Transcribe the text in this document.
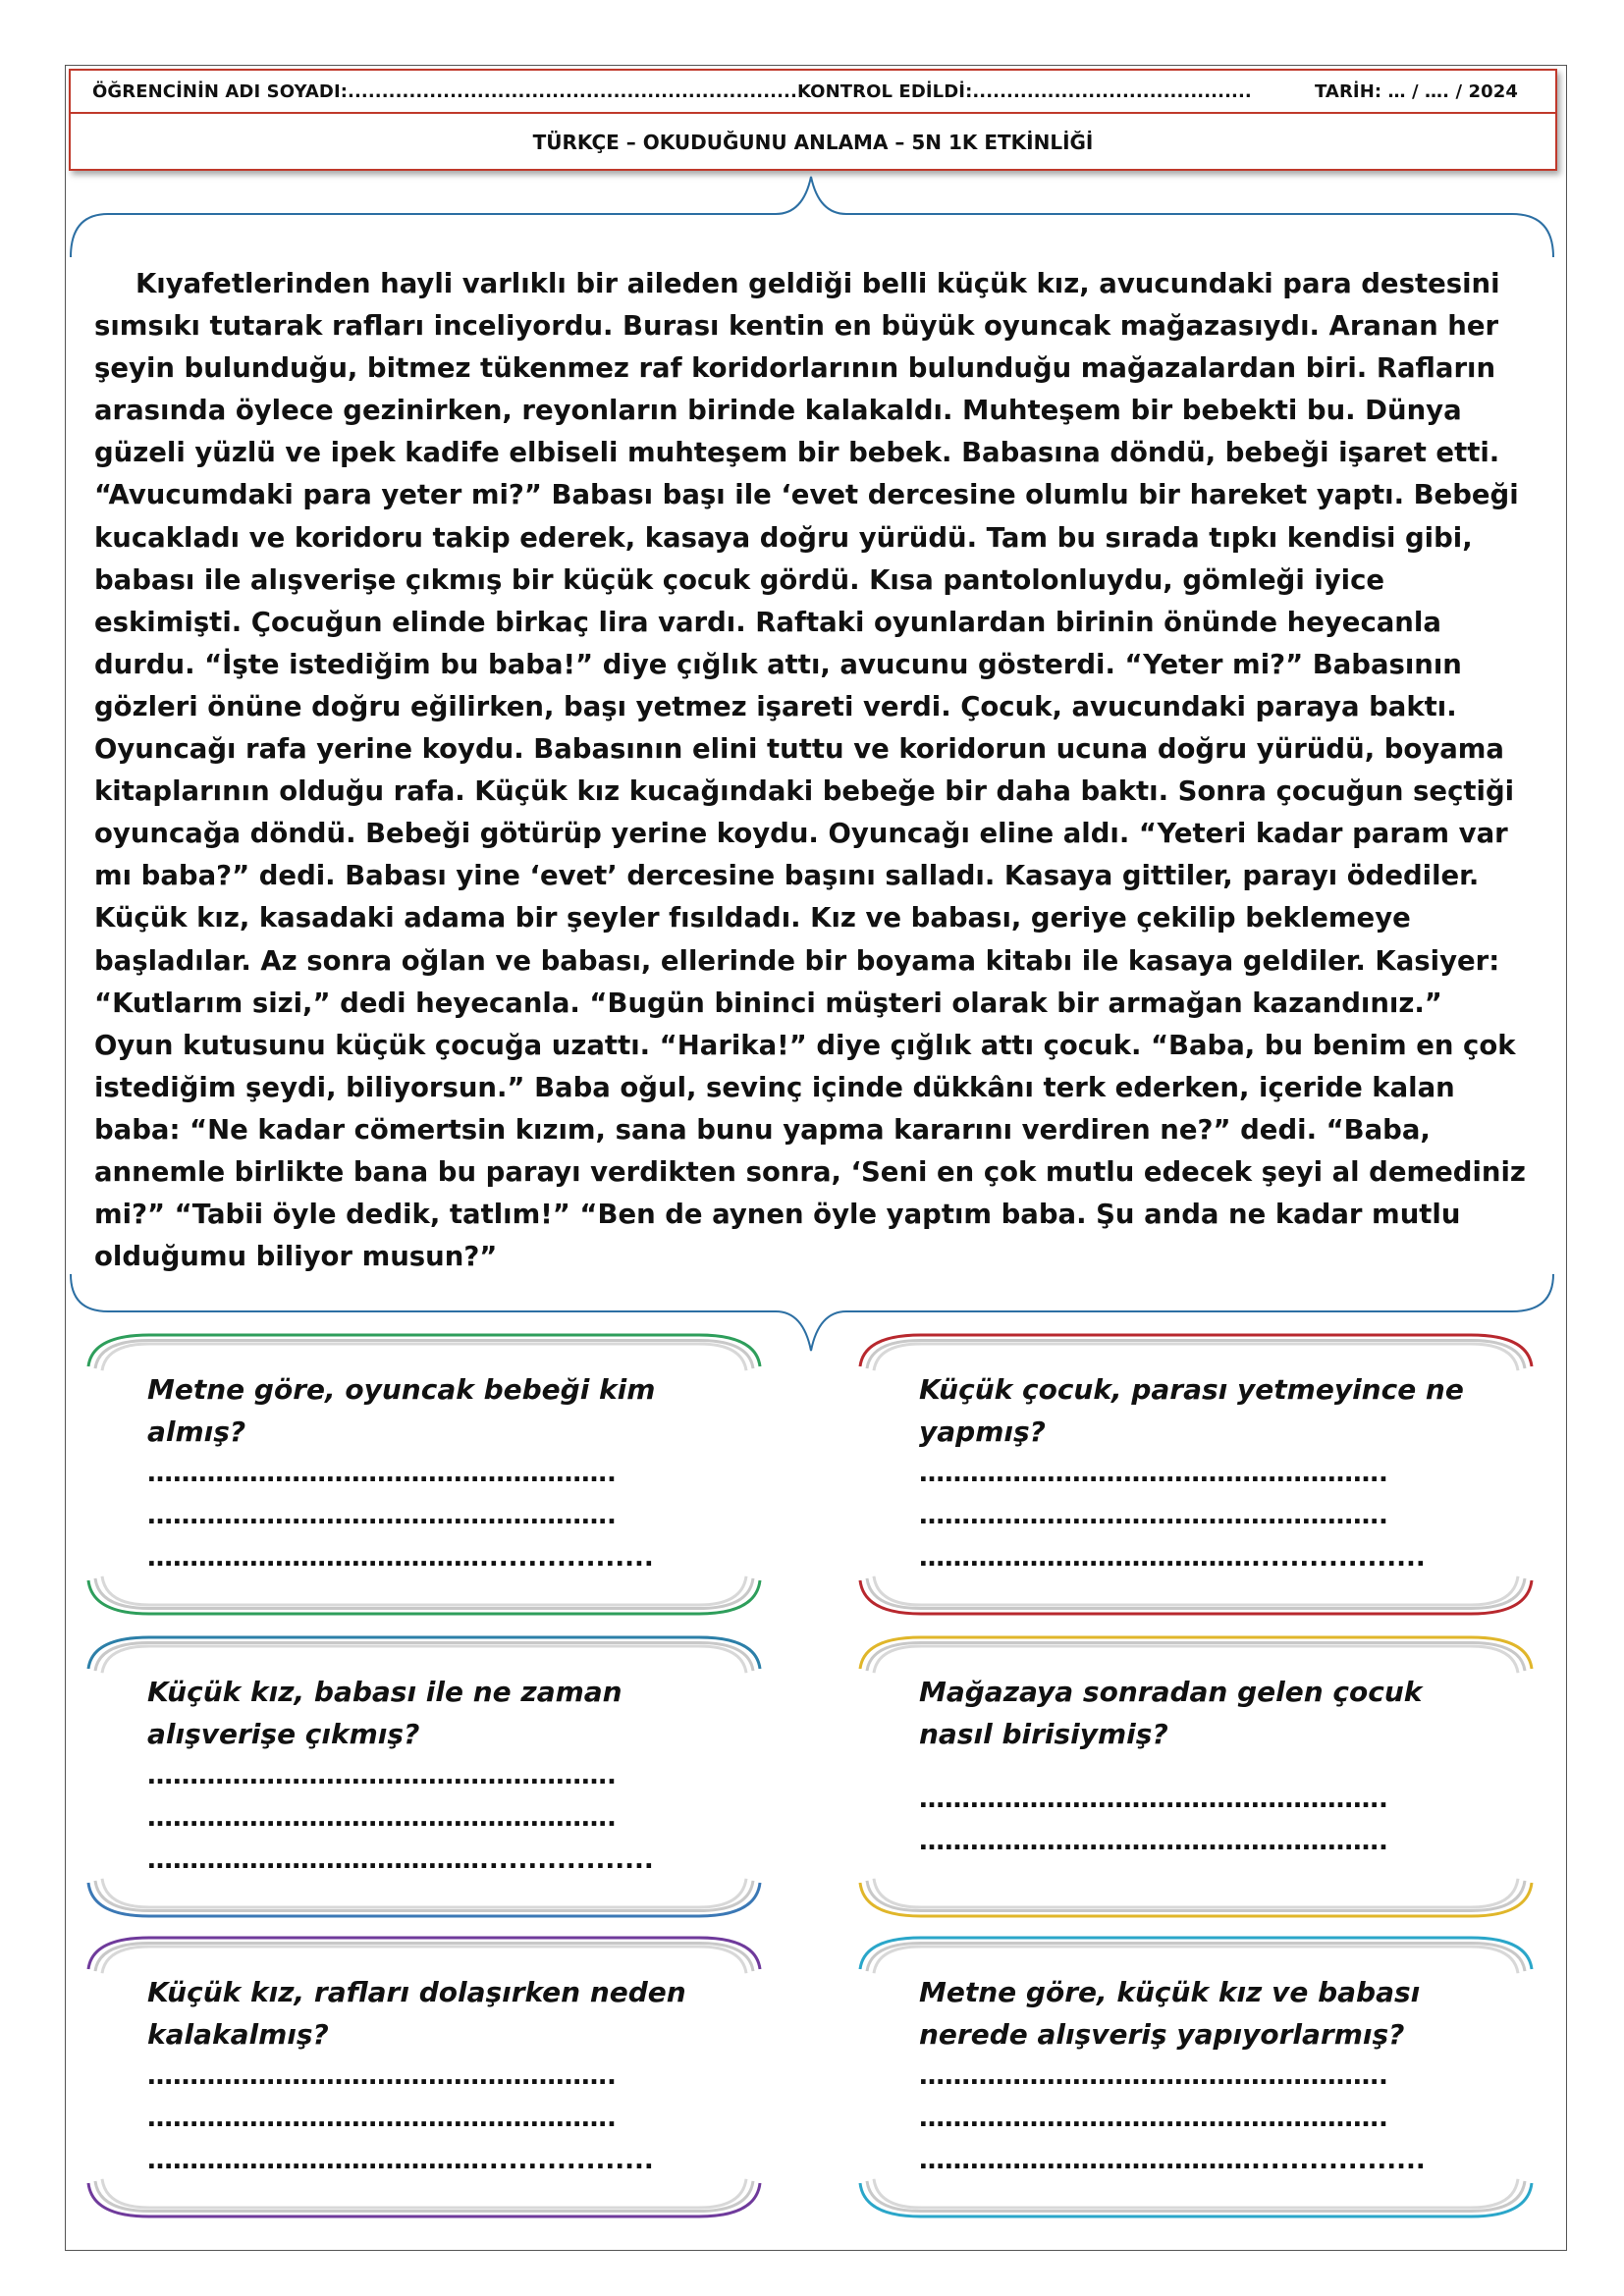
ÖĞRENCİNİN ADI SOYADI:..................................................................KONTROL EDİLDİ:.........................................	TARİH: … / …. / 2024
TÜRKÇE – OKUDUĞUNU ANLAMA – 5N 1K ETKİNLİĞİ

Kıyafetlerinden hayli varlıklı bir aileden geldiği belli küçük kız, avucundaki para destesini sımsıkı tutarak rafları inceliyordu. Burası kentin en büyük oyuncak mağazasıydı. Aranan her şeyin bulunduğu, bitmez tükenmez raf koridorlarının bulunduğu mağazalardan biri. Rafların arasında öylece gezinirken, reyonların birinde kalakaldı. Muhteşem bir bebekti bu. Dünya güzeli yüzlü ve ipek kadife elbiseli muhteşem bir bebek. Babasına döndü, bebeği işaret etti. “Avucumdaki para yeter mi?” Babası başı ile ‘evet dercesine olumlu bir hareket yaptı. Bebeği kucakladı ve koridoru takip ederek, kasaya doğru yürüdü. Tam bu sırada tıpkı kendisi gibi, babası ile alışverişe çıkmış bir küçük çocuk gördü. Kısa pantolonluydu, gömleği iyice eskimişti. Çocuğun elinde birkaç lira vardı. Raftaki oyunlardan birinin önünde heyecanla durdu. “İşte istediğim bu baba!” diye çığlık attı, avucunu gösterdi. “Yeter mi?” Babasının gözleri önüne doğru eğilirken, başı yetmez işareti verdi. Çocuk, avucundaki paraya baktı. Oyuncağı rafa yerine koydu. Babasının elini tuttu ve koridorun ucuna doğru yürüdü, boyama kitaplarının olduğu rafa. Küçük kız kucağındaki bebeğe bir daha baktı. Sonra çocuğun seçtiği oyuncağa döndü. Bebeği götürüp yerine koydu. Oyuncağı eline aldı. “Yeteri kadar param var mı baba?” dedi. Babası yine ‘evet’ dercesine başını salladı. Kasaya gittiler, parayı ödediler. Küçük kız, kasadaki adama bir şeyler fısıldadı. Kız ve babası, geriye çekilip beklemeye başladılar. Az sonra oğlan ve babası, ellerinde bir boyama kitabı ile kasaya geldiler. Kasiyer: “Kutlarım sizi,” dedi heyecanla. “Bugün bininci müşteri olarak bir armağan kazandınız.” Oyun kutusunu küçük çocuğa uzattı. “Harika!” diye çığlık attı çocuk. “Baba, bu benim en çok istediğim şeydi, biliyorsun.” Baba oğul, sevinç içinde dükkânı terk ederken, içeride kalan baba: “Ne kadar cömertsin kızım, sana bunu yapma kararını verdiren ne?” dedi. “Baba, annemle birlikte bana bu parayı verdikten sonra, ‘Seni en çok mutlu edecek şeyi al demediniz mi?” “Tabii öyle dedik, tatlım!” “Ben de aynen öyle yaptım baba. Şu anda ne kadar mutlu olduğumu biliyor musun?”

Metne göre, oyuncak bebeği kim almış?
……………………………………………….
……………………………………………….
…………………………………..................
Küçük çocuk, parası yetmeyince ne yapmış?
……………………………………………….
……………………………………………….
…………………………………..................
Küçük kız, babası ile ne zaman alışverişe çıkmış?
……………………………………………….
……………………………………………….
…………………………………..................
Mağazaya sonradan gelen çocuk nasıl birisiymiş?
……………………………………………….
……………………………………………….
Küçük kız, rafları dolaşırken neden kalakalmış?
……………………………………………….
……………………………………………….
…………………………………..................
Metne göre, küçük kız ve babası nerede alışveriş yapıyorlarmış?
……………………………………………….
……………………………………………….
…………………………………..................
